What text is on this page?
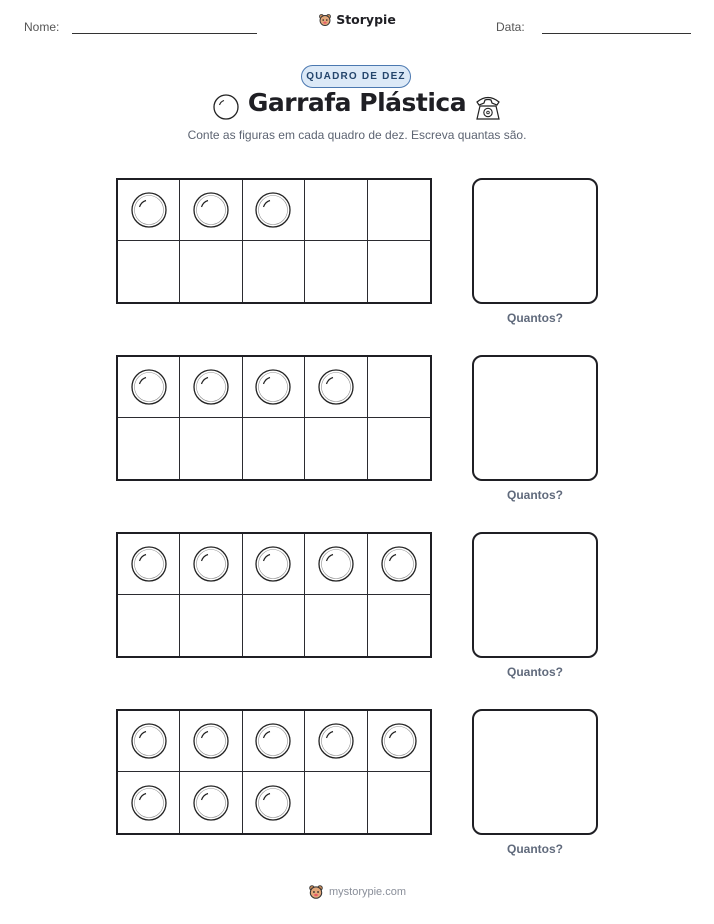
Nome:	Storypie	Data:
QUADRO DE DEZ
Garrafa Plástica
Conte as figuras em cada quadro de dez. Escreva quantas são.
Quantos?
Quantos?
Quantos?
Quantos?
mystorypie.com
